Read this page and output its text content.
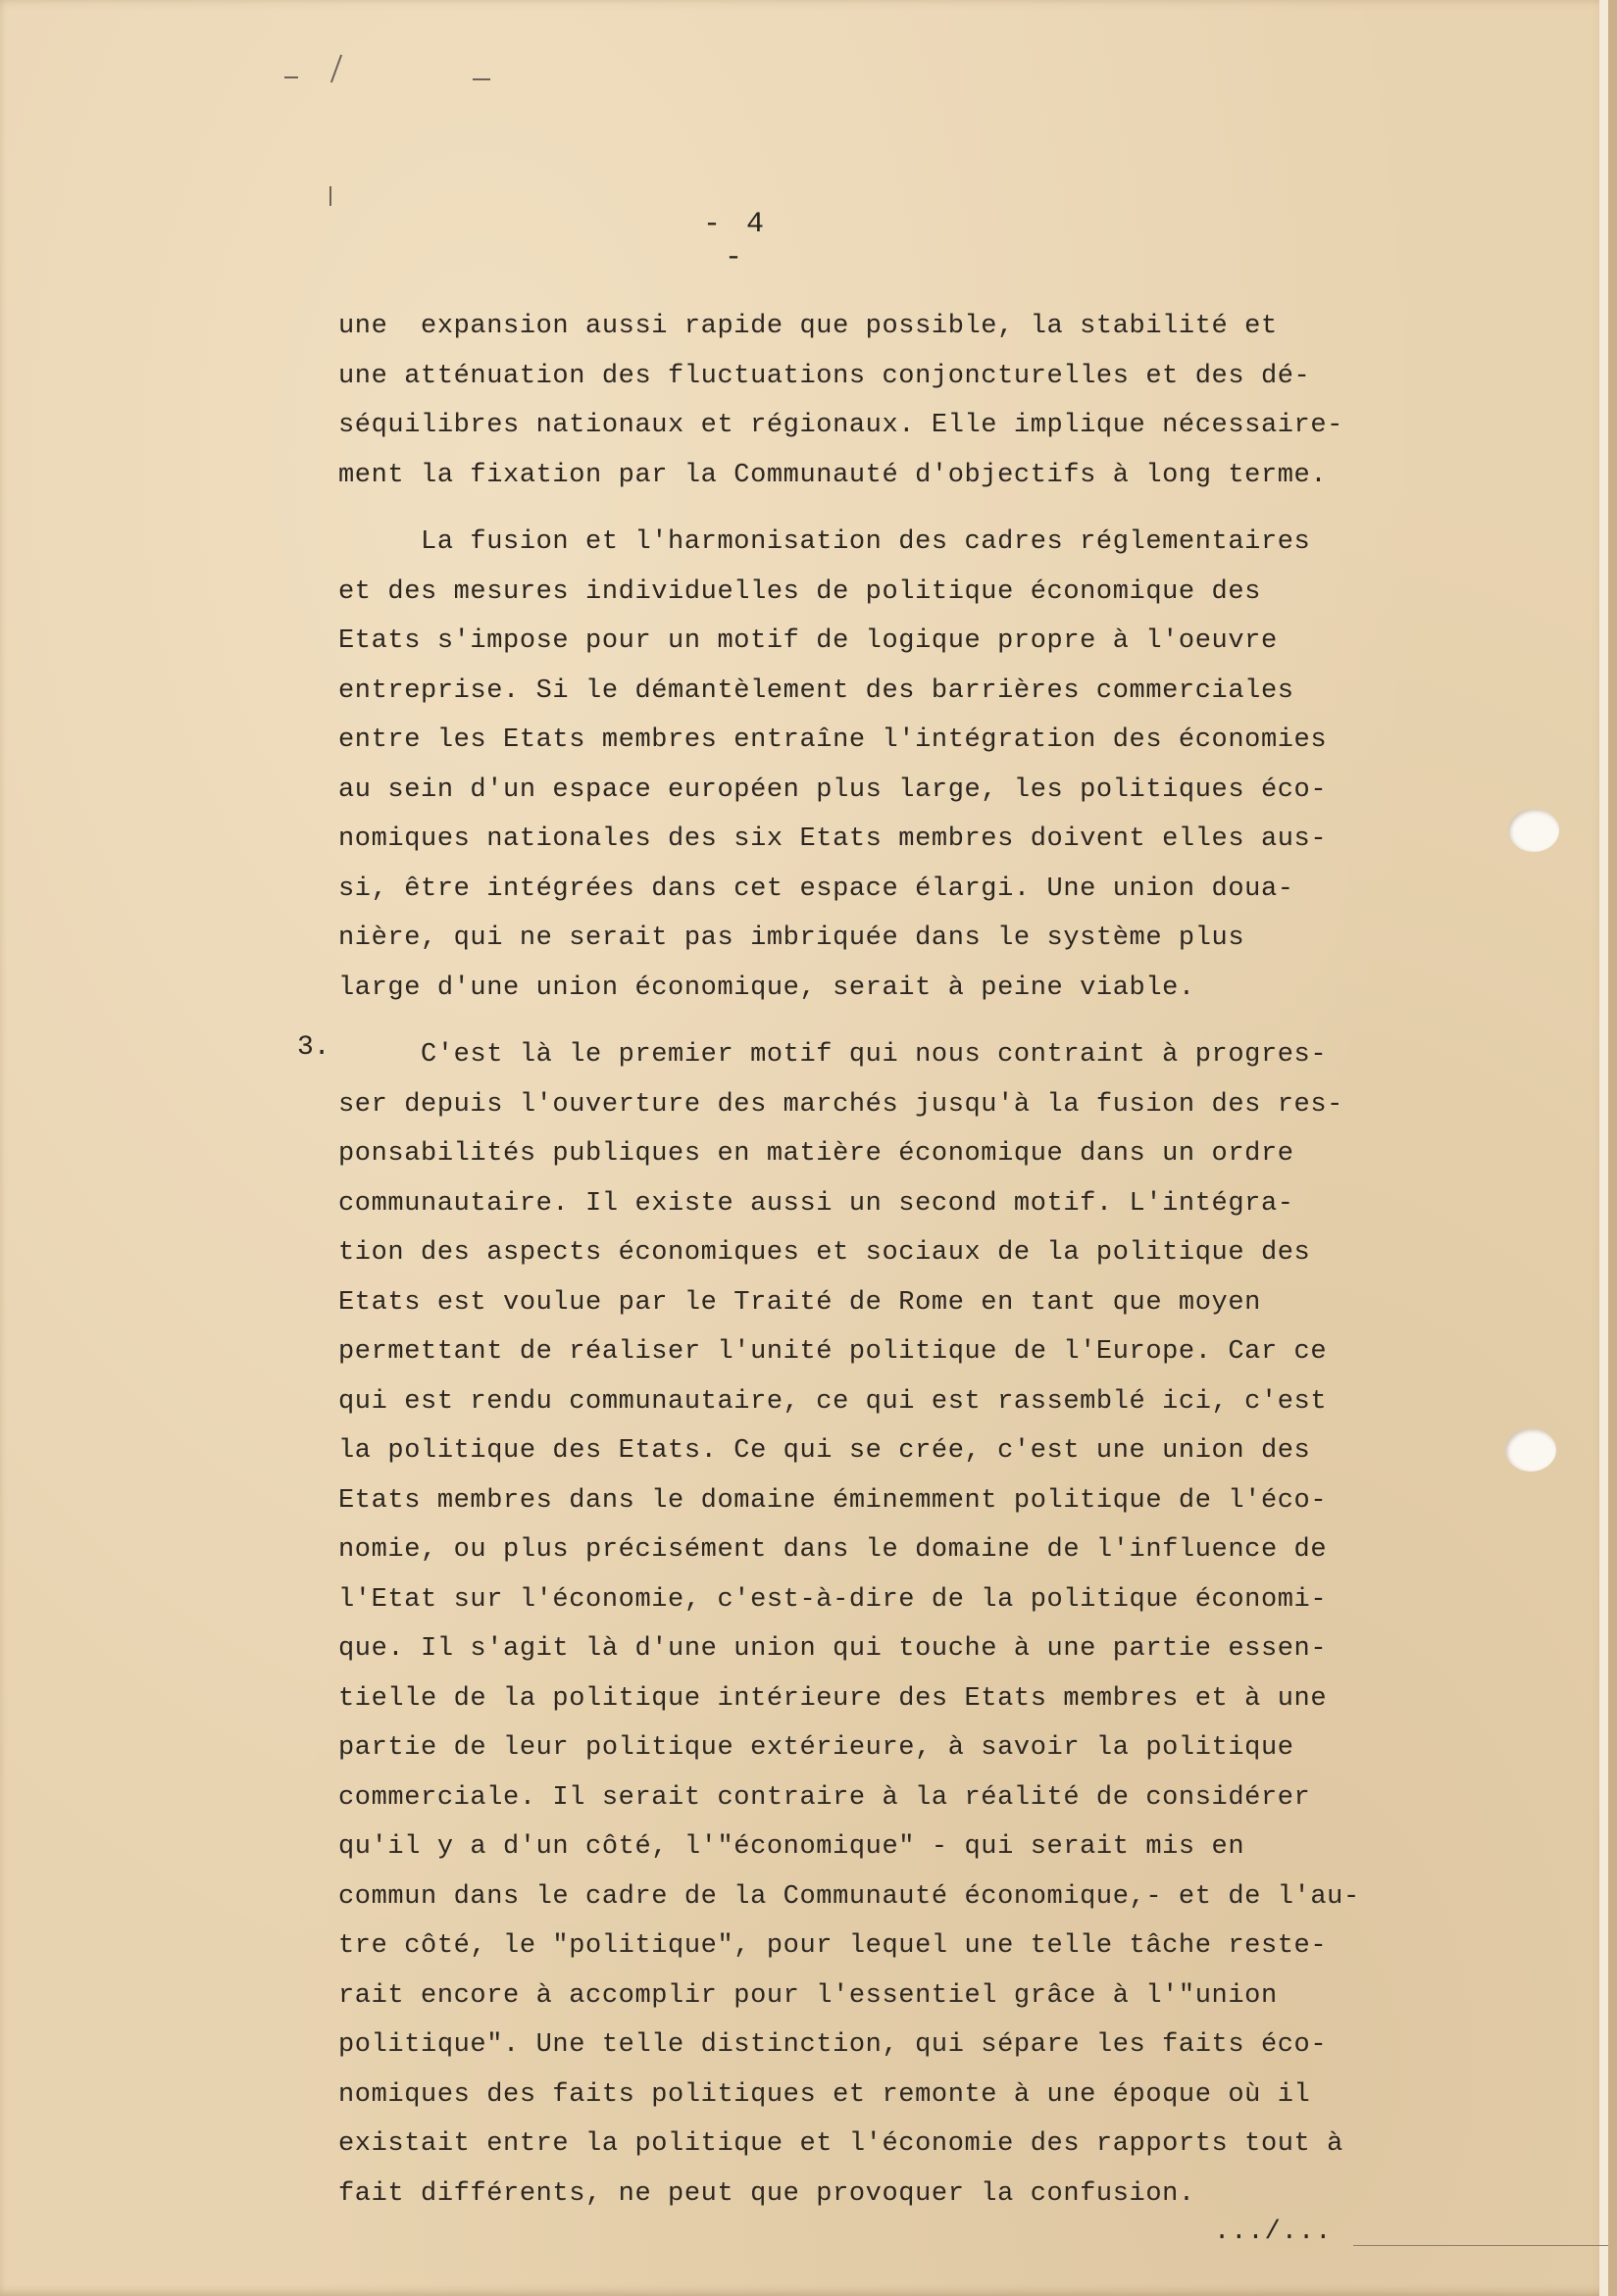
- 4 -
3.
une  expansion aussi rapide que possible, la stabilité et
une atténuation des fluctuations conjoncturelles et des dé-
séquilibres nationaux et régionaux. Elle implique nécessaire-
ment la fixation par la Communauté d'objectifs à long terme.
La fusion et l'harmonisation des cadres réglementaires
et des mesures individuelles de politique économique des
Etats s'impose pour un motif de logique propre à l'oeuvre
entreprise. Si le démantèlement des barrières commerciales
entre les Etats membres entraîne l'intégration des économies
au sein d'un espace européen plus large, les politiques éco-
nomiques nationales des six Etats membres doivent elles aus-
si, être intégrées dans cet espace élargi. Une union doua-
nière, qui ne serait pas imbriquée dans le système plus
large d'une union économique, serait à peine viable.
C'est là le premier motif qui nous contraint à progres-
ser depuis l'ouverture des marchés jusqu'à la fusion des res-
ponsabilités publiques en matière économique dans un ordre
communautaire. Il existe aussi un second motif. L'intégra-
tion des aspects économiques et sociaux de la politique des
Etats est voulue par le Traité de Rome en tant que moyen
permettant de réaliser l'unité politique de l'Europe. Car ce
qui est rendu communautaire, ce qui est rassemblé ici, c'est
la politique des Etats. Ce qui se crée, c'est une union des
Etats membres dans le domaine éminemment politique de l'éco-
nomie, ou plus précisément dans le domaine de l'influence de
l'Etat sur l'économie, c'est-à-dire de la politique économi-
que. Il s'agit là d'une union qui touche à une partie essen-
tielle de la politique intérieure des Etats membres et à une
partie de leur politique extérieure, à savoir la politique
commerciale. Il serait contraire à la réalité de considérer
qu'il y a d'un côté, l'"économique" - qui serait mis en
commun dans le cadre de la Communauté économique,- et de l'au-
tre côté, le "politique", pour lequel une telle tâche reste-
rait encore à accomplir pour l'essentiel grâce à l'"union
politique". Une telle distinction, qui sépare les faits éco-
nomiques des faits politiques et remonte à une époque où il
existait entre la politique et l'économie des rapports tout à
fait différents, ne peut que provoquer la confusion.
.../...
